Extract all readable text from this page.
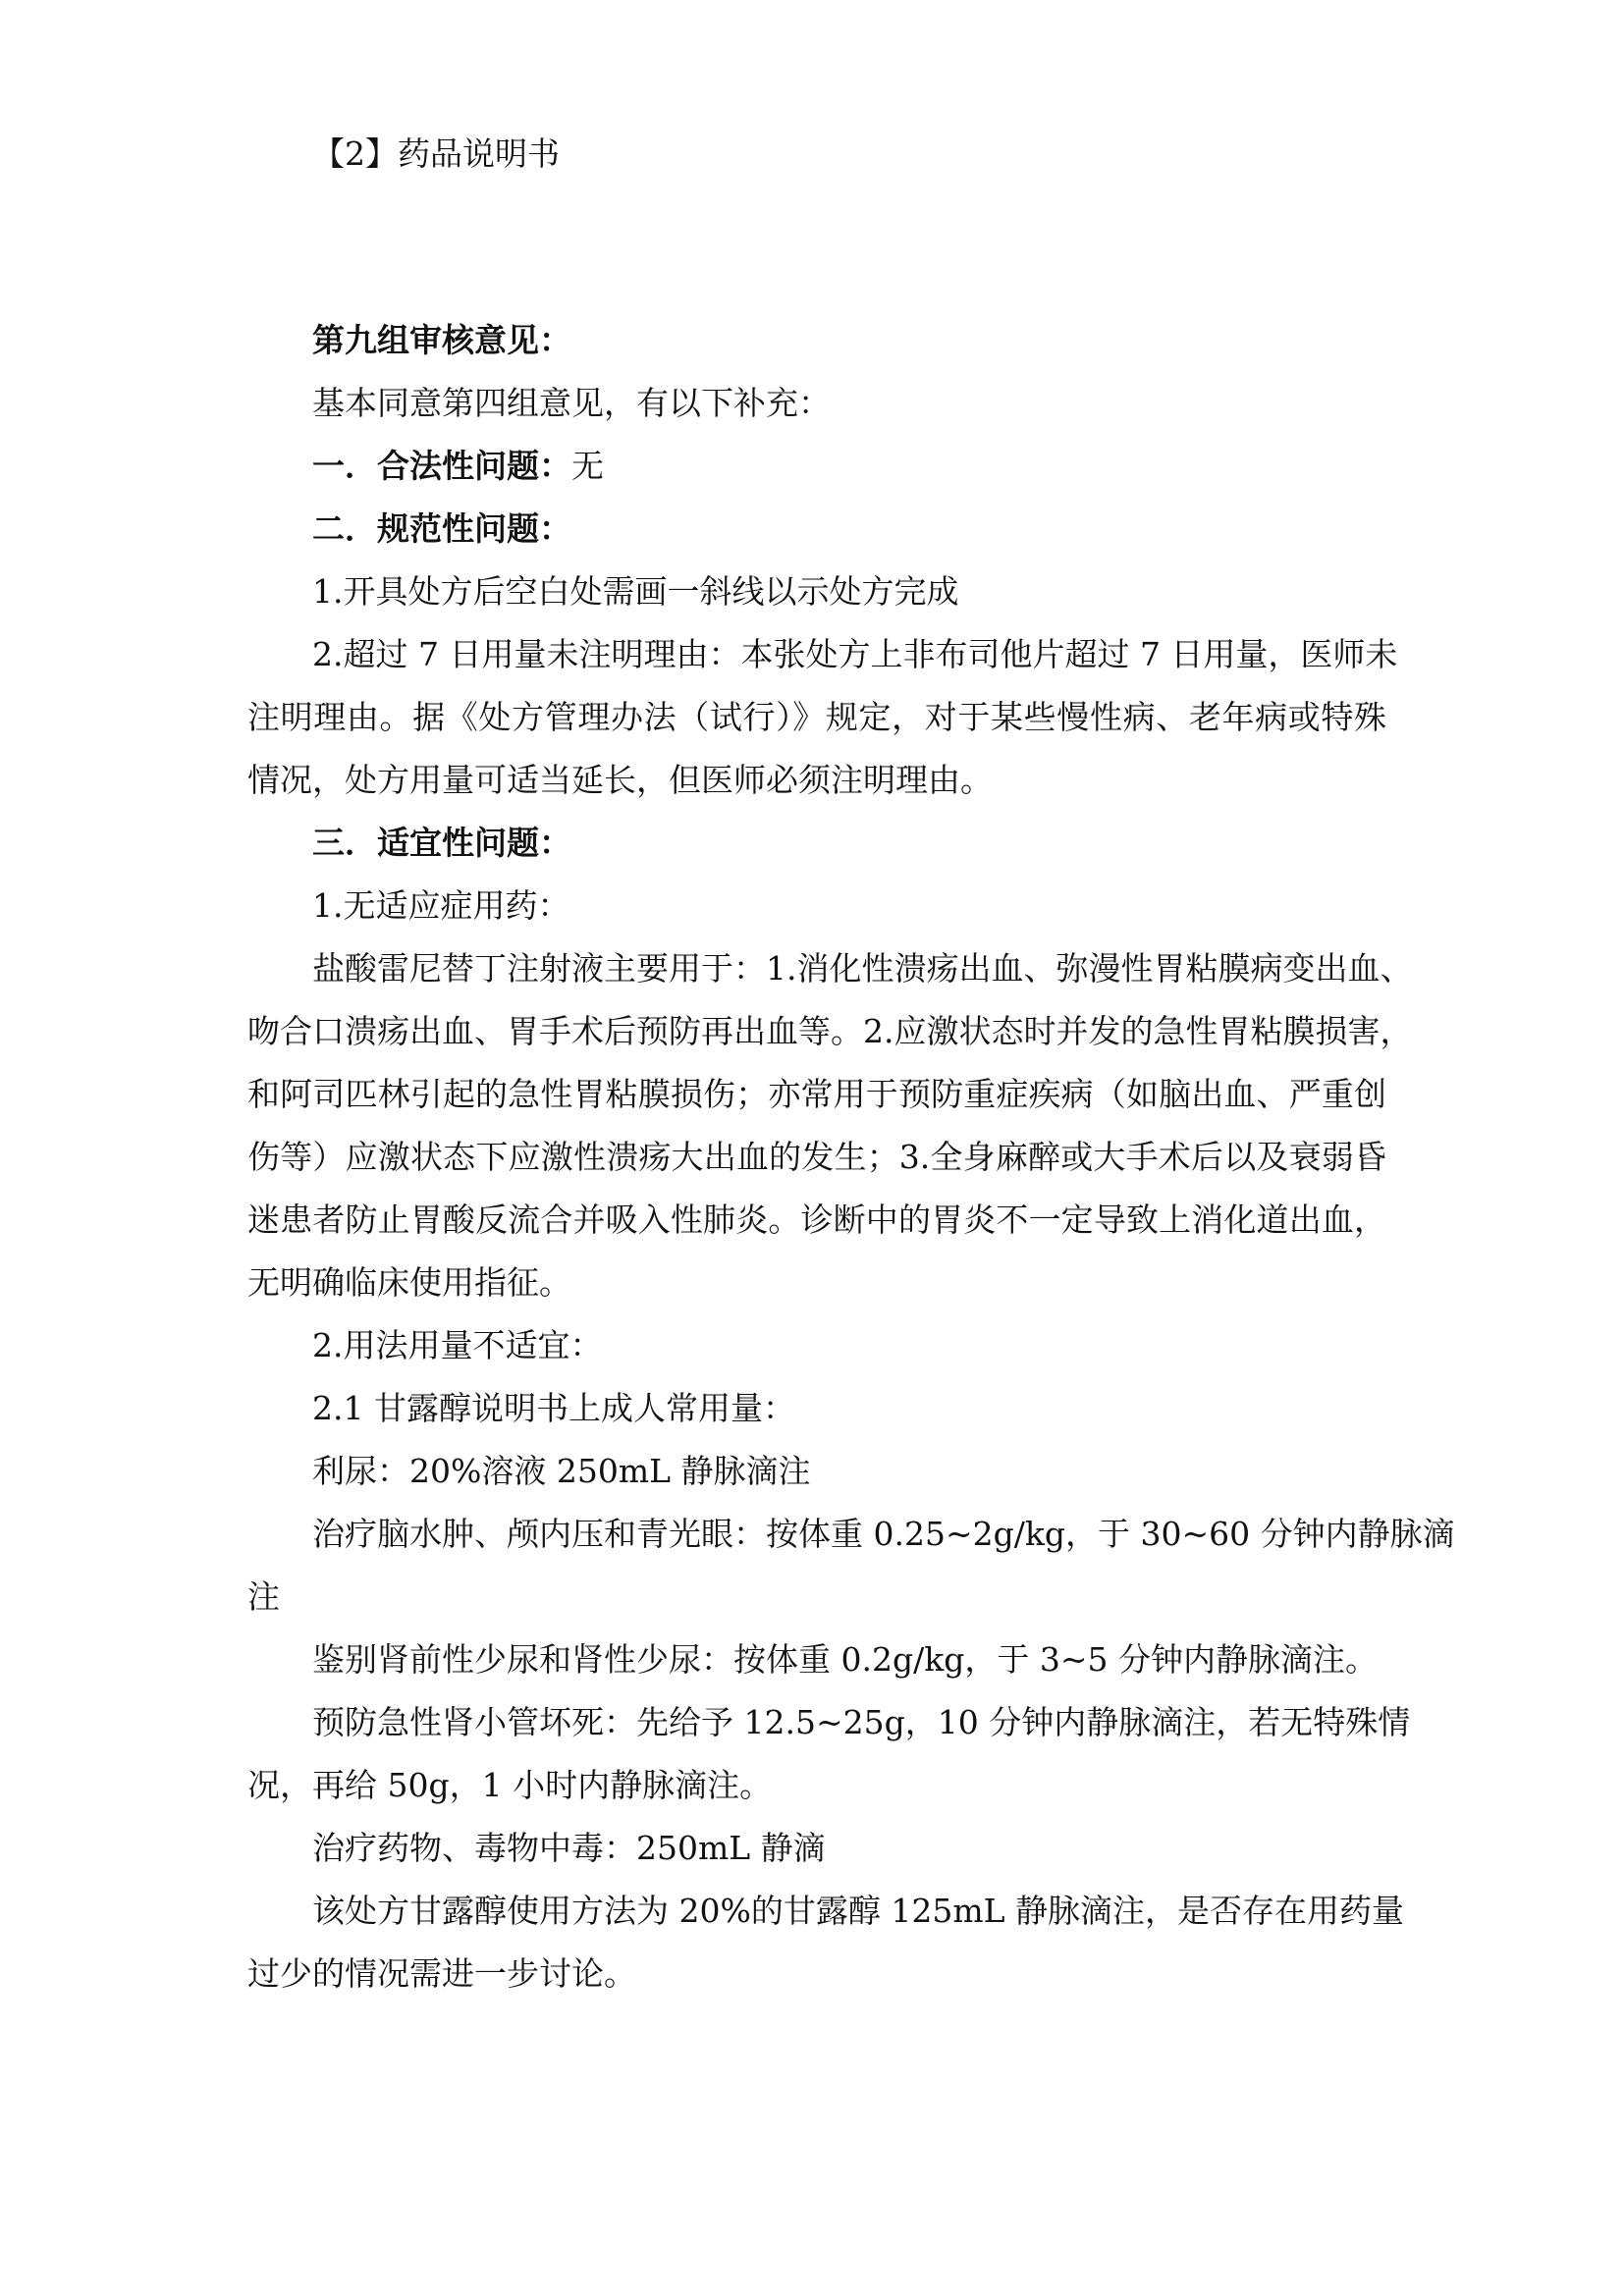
【2】药品说明书
第九组审核意见：
基本同意第四组意见，有以下补充：
一．合法性问题：无
二．规范性问题：
1.开具处方后空白处需画一斜线以示处方完成
2.超过 7 日用量未注明理由：本张处方上非布司他片超过 7 日用量，医师未
注明理由。据《处方管理办法（试行）》规定，对于某些慢性病、老年病或特殊
情况，处方用量可适当延长，但医师必须注明理由。
三．适宜性问题：
1.无适应症用药：
盐酸雷尼替丁注射液主要用于：1.消化性溃疡出血、弥漫性胃粘膜病变出血、
吻合口溃疡出血、胃手术后预防再出血等。2.应激状态时并发的急性胃粘膜损害，
和阿司匹林引起的急性胃粘膜损伤；亦常用于预防重症疾病（如脑出血、严重创
伤等）应激状态下应激性溃疡大出血的发生；3.全身麻醉或大手术后以及衰弱昏
迷患者防止胃酸反流合并吸入性肺炎。诊断中的胃炎不一定导致上消化道出血，
无明确临床使用指征。
2.用法用量不适宜：
2.1 甘露醇说明书上成人常用量：
利尿：20%溶液 250mL 静脉滴注
治疗脑水肿、颅内压和青光眼：按体重 0.25~2g/kg，于 30~60 分钟内静脉滴
注
鉴别肾前性少尿和肾性少尿：按体重 0.2g/kg，于 3~5 分钟内静脉滴注。
预防急性肾小管坏死：先给予 12.5~25g，10 分钟内静脉滴注，若无特殊情
况，再给 50g，1 小时内静脉滴注。
治疗药物、毒物中毒：250mL 静滴
该处方甘露醇使用方法为 20%的甘露醇 125mL 静脉滴注，是否存在用药量
过少的情况需进一步讨论。
